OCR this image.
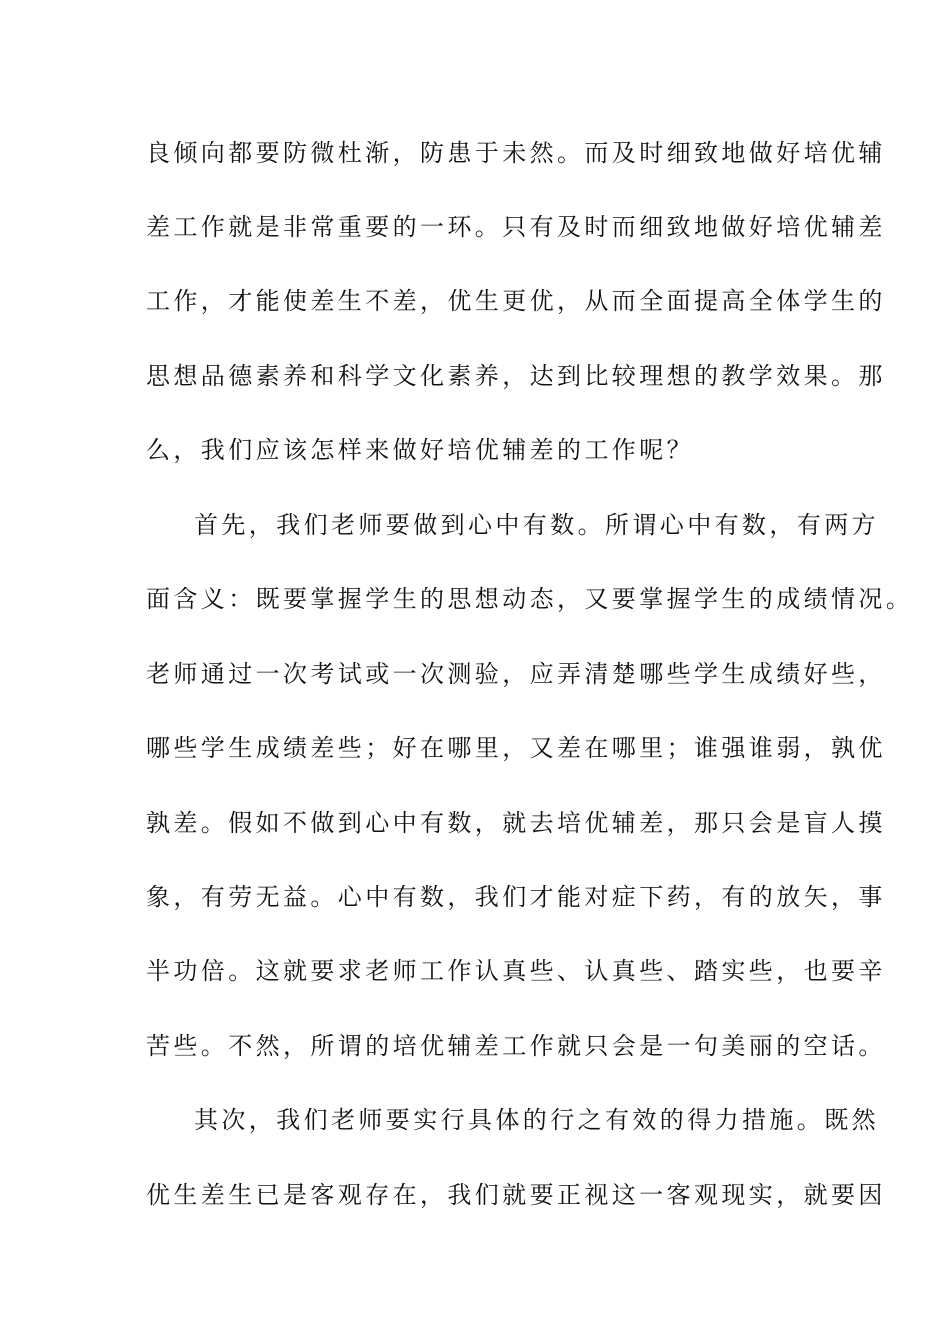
良倾向都要防微杜渐，防患于未然。而及时细致地做好培优辅
差工作就是非常重要的一环。只有及时而细致地做好培优辅差
工作，才能使差生不差，优生更优，从而全面提高全体学生的
思想品德素养和科学文化素养，达到比较理想的教学效果。那
么，我们应该怎样来做好培优辅差的工作呢？
首先，我们老师要做到心中有数。所谓心中有数，有两方
面含义：既要掌握学生的思想动态，又要掌握学生的成绩情况。
老师通过一次考试或一次测验，应弄清楚哪些学生成绩好些，
哪些学生成绩差些；好在哪里，又差在哪里；谁强谁弱，孰优
孰差。假如不做到心中有数，就去培优辅差，那只会是盲人摸
象，有劳无益。心中有数，我们才能对症下药，有的放矢，事
半功倍。这就要求老师工作认真些、认真些、踏实些，也要辛
苦些。不然，所谓的培优辅差工作就只会是一句美丽的空话。
其次，我们老师要实行具体的行之有效的得力措施。既然
优生差生已是客观存在，我们就要正视这一客观现实，就要因
